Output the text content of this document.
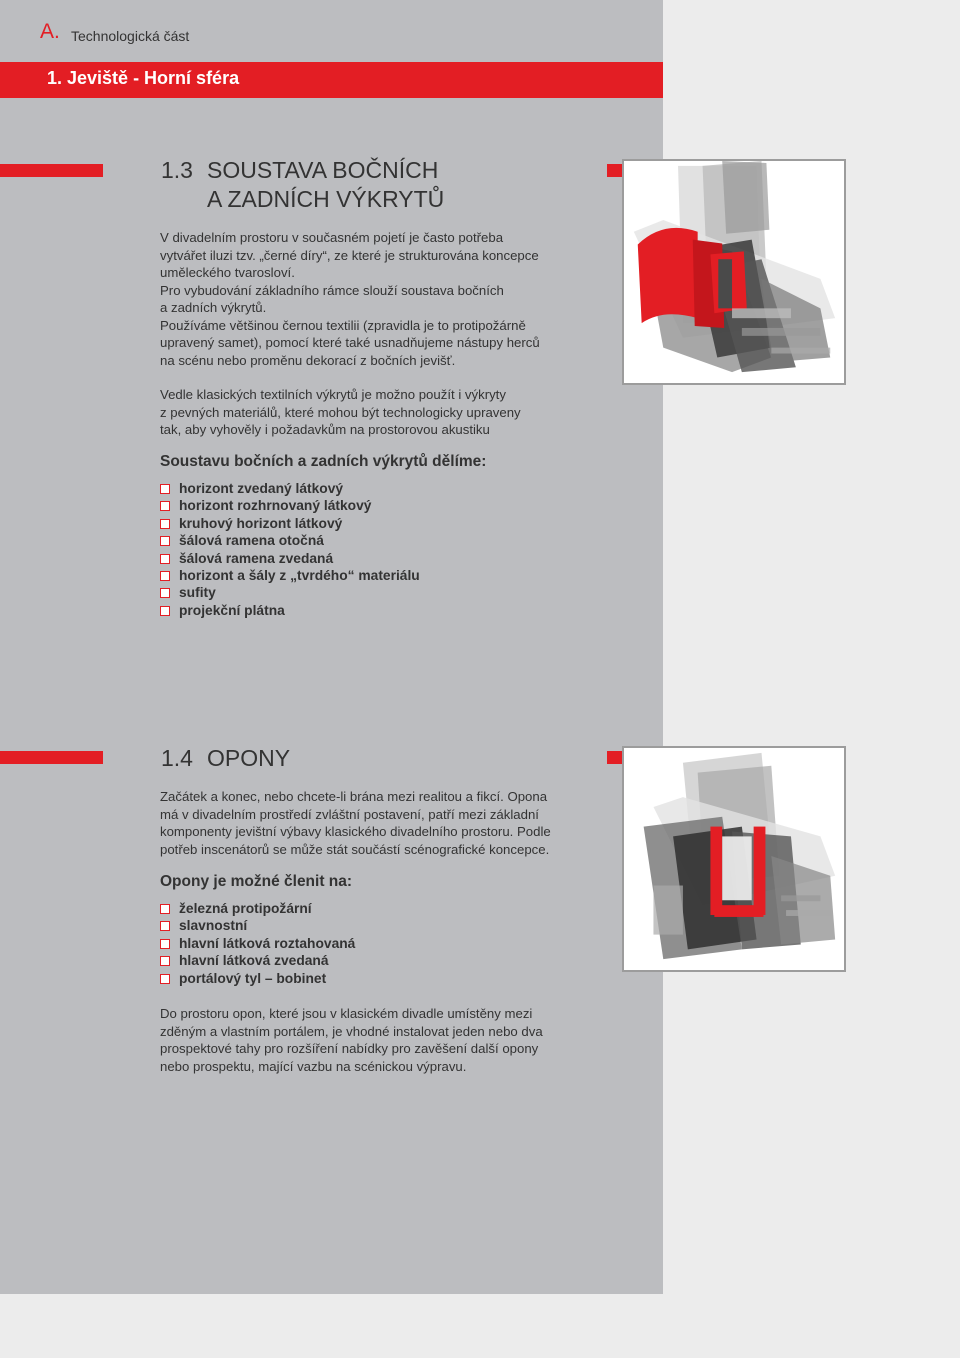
A. Technologická část
1. Jeviště - Horní sféra
1.3 SOUSTAVA BOČNÍCH
A ZADNÍCH VÝKRYTŮ

V divadelním prostoru v současném pojetí je často potřeba

vytvářet iluzi tzv. „černé díry“, ze které je strukturována koncepce

uměleckého tvarosloví.

Pro vybudování základního rámce slouží soustava bočních

a zadních výkrytů.

Používáme většinou černou textilii (zpravidla je to protipožárně

upravený samet), pomocí které také usnadňujeme nástupy herců

na scénu nebo proměnu dekorací z bočních jevišť.

Vedle klasických textilních výkrytů je možno použít i výkryty

z pevných materiálů, které mohou být technologicky upraveny

tak, aby vyhověly i požadavkům na prostorovou akustiku

Soustavu bočních a zadních výkrytů dělíme:
horizont zvedaný látkový
horizont rozhrnovaný látkový
kruhový horizont látkový
šálová ramena otočná
šálová ramena zvedaná
horizont a šály z „tvrdého“ materiálu
sufity
projekční plátna
1.4 OPONY

Začátek a konec, nebo chcete-li brána mezi realitou a fikcí. Opona

má v divadelním prostředí zvláštní postavení, patří mezi základní

komponenty jevištní výbavy klasického divadelního prostoru. Podle

potřeb inscenátorů se může stát součástí scénografické koncepce.

Opony je možné členit na:
železná protipožární
slavnostní
hlavní látková roztahovaná
hlavní látková zvedaná
portálový tyl – bobinet

Do prostoru opon, které jsou v klasickém divadle umístěny mezi

zděným a vlastním portálem, je vhodné instalovat jeden nebo dva

prospektové tahy pro rozšíření nabídky pro zavěšení další opony

nebo prospektu, mající vazbu na scénickou výpravu.
